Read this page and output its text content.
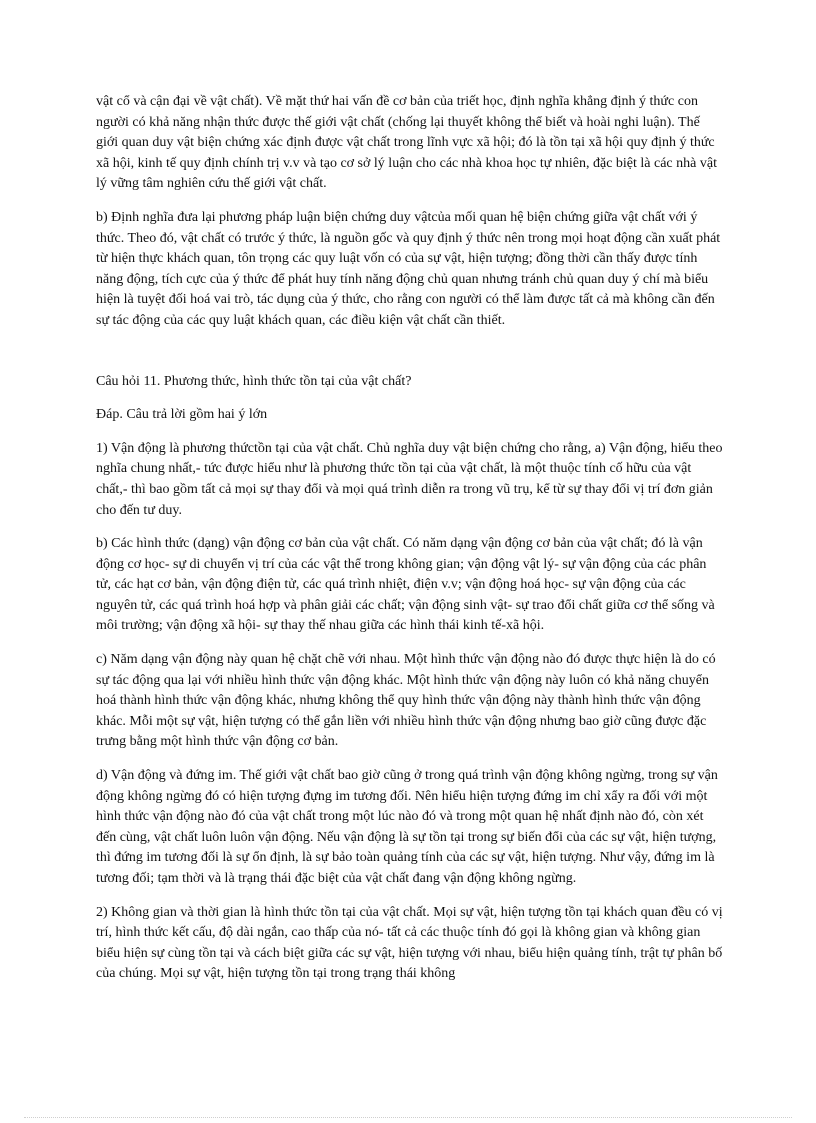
vật cổ và cận đại về vật chất). Về mặt thứ hai vấn đề cơ bản của triết học, định nghĩa khẳng định ý thức con người có khả năng nhận thức được thế giới vật chất (chống lại thuyết không thể biết và hoài nghi luận). Thế giới quan duy vật biện chứng xác định được vật chất trong lĩnh vực xã hội; đó là tồn tại xã hội quy định ý thức xã hội, kinh tế quy định chính trị v.v và tạo cơ sở lý luận cho các nhà khoa học tự nhiên, đặc biệt là các nhà vật lý vững tâm nghiên cứu thế giới vật chất.

b) Định nghĩa đưa lại phương pháp luận biện chứng duy vậtcủa mối quan hệ biện chứng giữa vật chất với ý thức. Theo đó, vật chất có trước ý thức, là nguồn gốc và quy định ý thức nên trong mọi hoạt động cần xuất phát từ hiện thực khách quan, tôn trọng các quy luật vốn có của sự vật, hiện tượng; đồng thời cần thấy được tính năng động, tích cực của ý thức để phát huy tính năng động chủ quan nhưng tránh chủ quan duy ý chí mà biểu hiện là tuyệt đối hoá vai trò, tác dụng của ý thức, cho rằng con người có thể làm được tất cả mà không cần đến sự tác động của các quy luật khách quan, các điều kiện vật chất cần thiết.

Câu hỏi 11. Phương thức, hình thức tồn tại của vật chất?

Đáp. Câu trả lời gồm hai ý lớn

1) Vận động là phương thứctồn tại của vật chất. Chủ nghĩa duy vật biện chứng cho rằng, a) Vận động, hiểu theo nghĩa chung nhất,- tức được hiểu như là phương thức tồn tại của vật chất, là một thuộc tính cố hữu của vật chất,- thì bao gồm tất cả mọi sự thay đổi và mọi quá trình diễn ra trong vũ trụ, kể từ sự thay đổi vị trí đơn giản cho đến tư duy.

b) Các hình thức (dạng) vận động cơ bản của vật chất. Có năm dạng vận động cơ bản của vật chất; đó là vận động cơ học- sự di chuyển vị trí của các vật thể trong không gian; vận động vật lý- sự vận động của các phân tử, các hạt cơ bản, vận động điện tử, các quá trình nhiệt, điện v.v; vận động hoá học- sự vận động của các nguyên tử, các quá trình hoá hợp và phân giải các chất; vận động sinh vật- sự trao đổi chất giữa cơ thể sống và môi trường; vận động xã hội- sự thay thế nhau giữa các hình thái kinh tế-xã hội.

c) Năm dạng vận động này quan hệ chặt chẽ với nhau. Một hình thức vận động nào đó được thực hiện là do có sự tác động qua lại với nhiều hình thức vận động khác. Một hình thức vận động này luôn có khả năng chuyển hoá thành hình thức vận động khác, nhưng không thể quy hình thức vận động này thành hình thức vận động khác. Mỗi một sự vật, hiện tượng có thể gắn liền với nhiều hình thức vận động nhưng bao giờ cũng được đặc trưng bằng một hình thức vận động cơ bản.

d) Vận động và đứng im. Thế giới vật chất bao giờ cũng ở trong quá trình vận động không ngừng, trong sự vận động không ngừng đó có hiện tượng đựng im tương đối. Nên hiểu hiện tượng đứng im chỉ xẩy ra đối với một hình thức vận động nào đó của vật chất trong một lúc nào đó và trong một quan hệ nhất định nào đó, còn xét đến cùng, vật chất luôn luôn vận động. Nếu vận động là sự tồn tại trong sự biến đổi của các sự vật, hiện tượng, thì đứng im tương đối là sự ổn định, là sự bảo toàn quảng tính của các sự vật, hiện tượng. Như vậy, đứng im là tương đối; tạm thời và là trạng thái đặc biệt của vật chất đang vận động không ngừng.

2) Không gian và thời gian là hình thức tồn tại của vật chất. Mọi sự vật, hiện tượng tồn tại khách quan đều có vị trí, hình thức kết cấu, độ dài ngắn, cao thấp của nó- tất cả các thuộc tính đó gọi là không gian và không gian biểu hiện sự cùng tồn tại và cách biệt giữa các sự vật, hiện tượng với nhau, biểu hiện quảng tính, trật tự phân bố của chúng. Mọi sự vật, hiện tượng tồn tại trong trạng thái không
